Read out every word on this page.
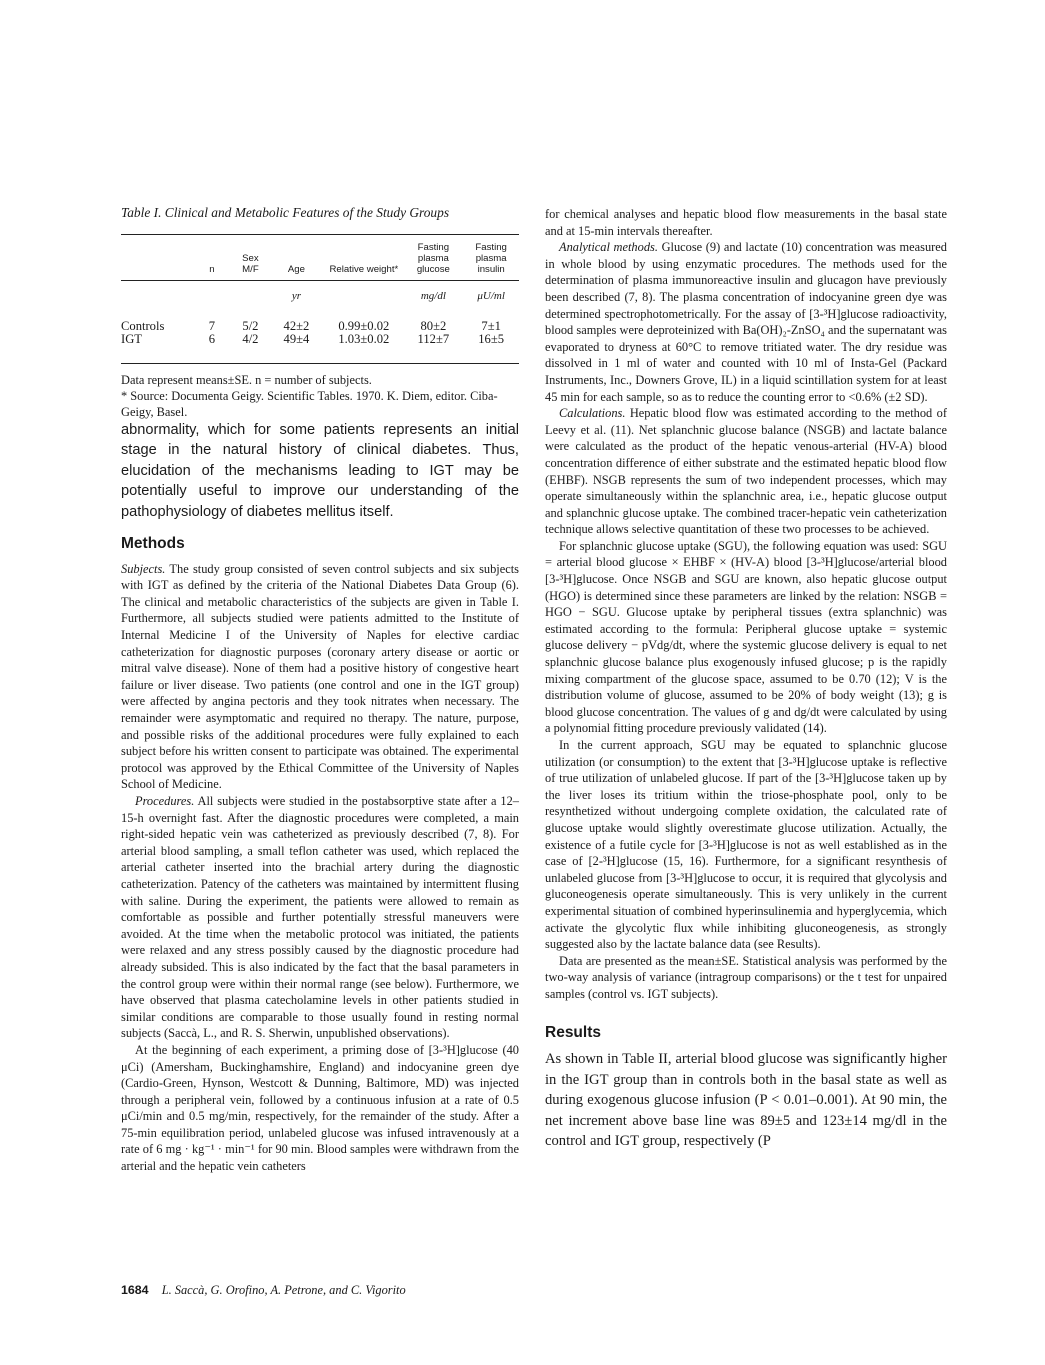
Table I. Clinical and Metabolic Features of the Study Groups
	n	Sex M/F	Age	Relative weight*	Fasting plasma glucose	Fasting plasma insulin

			yr		mg/dl	μU/ml
Controls	7	5/2	42±2	0.99±0.02	80±2	7±1
IGT	6	4/2	49±4	1.03±0.02	112±7	16±5
Data represent means±SE. n = number of subjects.
* Source: Documenta Geigy. Scientific Tables. 1970. K. Diem, editor. Ciba-Geigy, Basel.

abnormality, which for some patients represents an initial stage in the natural history of clinical diabetes. Thus, elucidation of the mechanisms leading to IGT may be potentially useful to improve our understanding of the pathophysiology of diabetes mellitus itself.

Methods

Subjects. The study group consisted of seven control subjects and six subjects with IGT as defined by the criteria of the National Diabetes Data Group (6). The clinical and metabolic characteristics of the subjects are given in Table I. Furthermore, all subjects studied were patients admitted to the Institute of Internal Medicine I of the University of Naples for elective cardiac catheterization for diagnostic purposes (coronary artery disease or aortic or mitral valve disease). None of them had a positive history of congestive heart failure or liver disease. Two patients (one control and one in the IGT group) were affected by angina pectoris and they took nitrates when necessary. The remainder were asymptomatic and required no therapy. The nature, purpose, and possible risks of the additional procedures were fully explained to each subject before his written consent to participate was obtained. The experimental protocol was approved by the Ethical Committee of the University of Naples School of Medicine.

Procedures. All subjects were studied in the postabsorptive state after a 12–15-h overnight fast. After the diagnostic procedures were completed, a main right-sided hepatic vein was catheterized as previously described (7, 8). For arterial blood sampling, a small teflon catheter was used, which replaced the arterial catheter inserted into the brachial artery during the diagnostic catheterization. Patency of the catheters was maintained by intermittent flusing with saline. During the experiment, the patients were allowed to remain as comfortable as possible and further potentially stressful maneuvers were avoided. At the time when the metabolic protocol was initiated, the patients were relaxed and any stress possibly caused by the diagnostic procedure had already subsided. This is also indicated by the fact that the basal parameters in the control group were within their normal range (see below). Furthermore, we have observed that plasma catecholamine levels in other patients studied in similar conditions are comparable to those usually found in resting normal subjects (Saccà, L., and R. S. Sherwin, unpublished observations).

At the beginning of each experiment, a priming dose of [3-³H]glucose (40 μCi) (Amersham, Buckinghamshire, England) and indocyanine green dye (Cardio-Green, Hynson, Westcott & Dunning, Baltimore, MD) was injected through a peripheral vein, followed by a continuous infusion at a rate of 0.5 μCi/min and 0.5 mg/min, respectively, for the remainder of the study. After a 75-min equilibration period, unlabeled glucose was infused intravenously at a rate of 6 mg · kg⁻¹ · min⁻¹ for 90 min. Blood samples were withdrawn from the arterial and the hepatic vein catheters

for chemical analyses and hepatic blood flow measurements in the basal state and at 15-min intervals thereafter.

Analytical methods. Glucose (9) and lactate (10) concentration was measured in whole blood by using enzymatic procedures. The methods used for the determination of plasma immunoreactive insulin and glucagon have previously been described (7, 8). The plasma concentration of indocyanine green dye was determined spectrophotometrically. For the assay of [3-³H]glucose radioactivity, blood samples were deproteinized with Ba(OH)₂-ZnSO₄ and the supernatant was evaporated to dryness at 60°C to remove tritiated water. The dry residue was dissolved in 1 ml of water and counted with 10 ml of Insta-Gel (Packard Instruments, Inc., Downers Grove, IL) in a liquid scintillation system for at least 45 min for each sample, so as to reduce the counting error to <0.6% (±2 SD).

Calculations. Hepatic blood flow was estimated according to the method of Leevy et al. (11). Net splanchnic glucose balance (NSGB) and lactate balance were calculated as the product of the hepatic venous-arterial (HV-A) blood concentration difference of either substrate and the estimated hepatic blood flow (EHBF). NSGB represents the sum of two independent processes, which may operate simultaneously within the splanchnic area, i.e., hepatic glucose output and splanchnic glucose uptake. The combined tracer-hepatic vein catheterization technique allows selective quantitation of these two processes to be achieved.

For splanchnic glucose uptake (SGU), the following equation was used: SGU = arterial blood glucose × EHBF × (HV-A) blood [3-³H]glucose/arterial blood [3-³H]glucose. Once NSGB and SGU are known, also hepatic glucose output (HGO) is determined since these parameters are linked by the relation: NSGB = HGO − SGU. Glucose uptake by peripheral tissues (extra splanchnic) was estimated according to the formula: Peripheral glucose uptake = systemic glucose delivery − pVdg/dt, where the systemic glucose delivery is equal to net splanchnic glucose balance plus exogenously infused glucose; p is the rapidly mixing compartment of the glucose space, assumed to be 0.70 (12); V is the distribution volume of glucose, assumed to be 20% of body weight (13); g is blood glucose concentration. The values of g and dg/dt were calculated by using a polynomial fitting procedure previously validated (14).

In the current approach, SGU may be equated to splanchnic glucose utilization (or consumption) to the extent that [3-³H]glucose uptake is reflective of true utilization of unlabeled glucose. If part of the [3-³H]glucose taken up by the liver loses its tritium within the triose-phosphate pool, only to be resynthetized without undergoing complete oxidation, the calculated rate of glucose uptake would slightly overestimate glucose utilization. Actually, the existence of a futile cycle for [3-³H]glucose is not as well established as in the case of [2-³H]glucose (15, 16). Furthermore, for a significant resynthesis of unlabeled glucose from [3-³H]glucose to occur, it is required that glycolysis and gluconeogenesis operate simultaneously. This is very unlikely in the current experimental situation of combined hyperinsulinemia and hyperglycemia, which activate the glycolytic flux while inhibiting gluconeogenesis, as strongly suggested also by the lactate balance data (see Results).

Data are presented as the mean±SE. Statistical analysis was performed by the two-way analysis of variance (intragroup comparisons) or the t test for unpaired samples (control vs. IGT subjects).

Results

As shown in Table II, arterial blood glucose was significantly higher in the IGT group than in controls both in the basal state as well as during exogenous glucose infusion (P < 0.01–0.001). At 90 min, the net increment above base line was 89±5 and 123±14 mg/dl in the control and IGT group, respectively (P

1684 L. Saccà, G. Orofino, A. Petrone, and C. Vigorito
